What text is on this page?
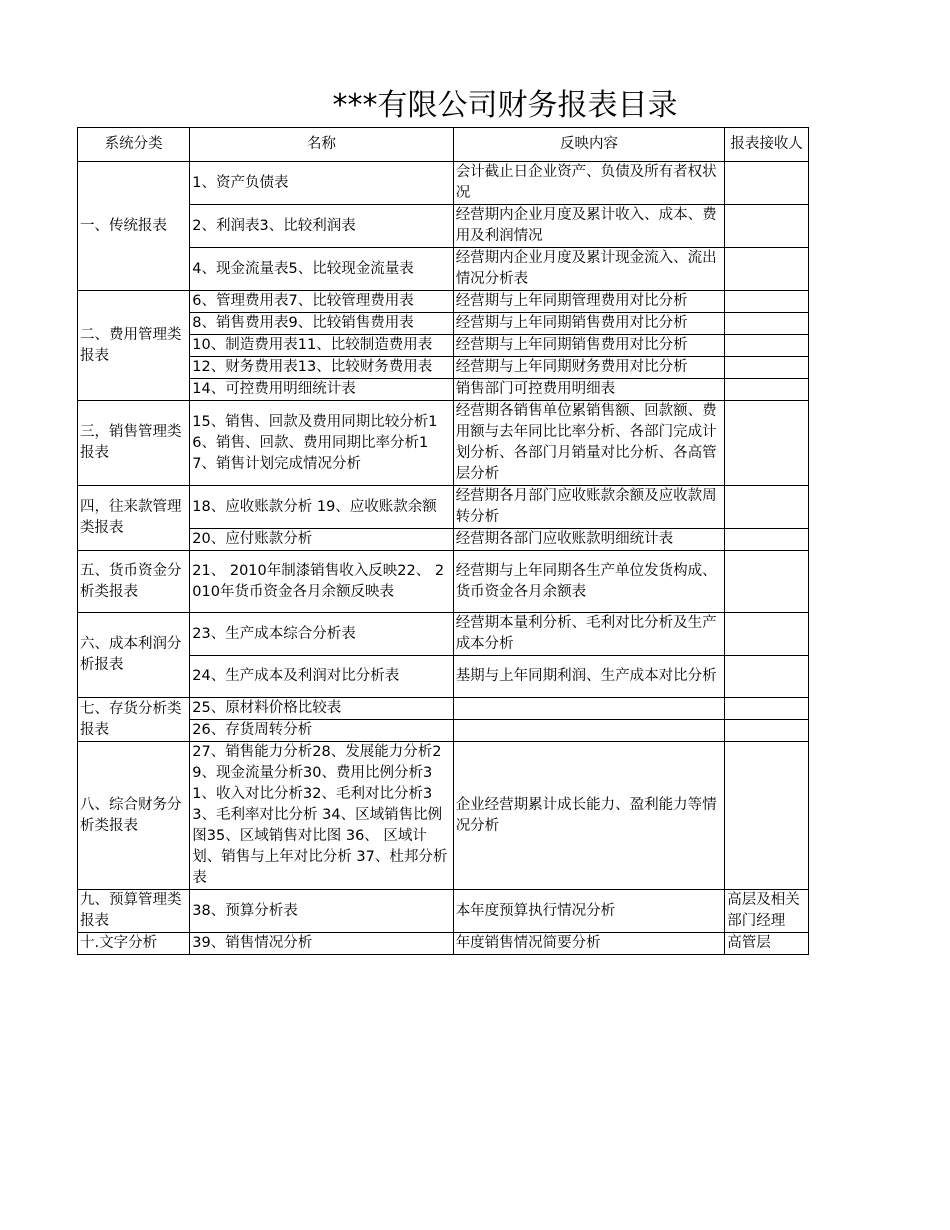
***有限公司财务报表目录
系统分类	名称	反映内容	报表接收人
一、传统报表	1、资产负债表	会计截止日企业资产、负债及所有者权状况	
	2、利润表3、比较利润表	经营期内企业月度及累计收入、成本、费用及利润情况	
	4、现金流量表5、比较现金流量表	经营期内企业月度及累计现金流入、流出情况分析表	
二、费用管理类报表	6、管理费用表7、比较管理费用表	经营期与上年同期管理费用对比分析	
	8、销售费用表9、比较销售费用表	经营期与上年同期销售费用对比分析	
	10、制造费用表11、比较制造费用表	经营期与上年同期销售费用对比分析	
	12、财务费用表13、比较财务费用表	经营期与上年同期财务费用对比分析	
	14、可控费用明细统计表	销售部门可控费用明细表	
三，销售管理类报表	15、销售、回款及费用同期比较分析16、销售、回款、费用同期比率分析17、销售计划完成情况分析	经营期各销售单位累销售额、回款额、费用额与去年同比比率分析、各部门完成计划分析、各部门月销量对比分析、各高管层分析	
四，往来款管理类报表	18、应收账款分析 19、应收账款余额	经营期各月部门应收账款余额及应收款周转分析	
	20、应付账款分析	经营期各部门应收账款明细统计表	
五、货币资金分析类报表	21、 2010年制漆销售收入反映22、 2010年货币资金各月余额反映表	经营期与上年同期各生产单位发货构成、货币资金各月余额表	
六、成本利润分析报表	23、生产成本综合分析表	经营期本量利分析、毛利对比分析及生产成本分析	
	24、生产成本及利润对比分析表	基期与上年同期利润、生产成本对比分析	
七、存货分析类报表	25、原材料价格比较表		
	26、存货周转分析		
八、综合财务分析类报表	27、销售能力分析28、发展能力分析29、现金流量分析30、费用比例分析31、收入对比分析32、毛利对比分析33、毛利率对比分析 34、区域销售比例图35、区域销售对比图 36、 区域计划、销售与上年对比分析 37、杜邦分析表	企业经营期累计成长能力、盈利能力等情况分析	
九、预算管理类报表	38、预算分析表	本年度预算执行情况分析	高层及相关部门经理
十.文字分析	39、销售情况分析	年度销售情况简要分析	高管层
